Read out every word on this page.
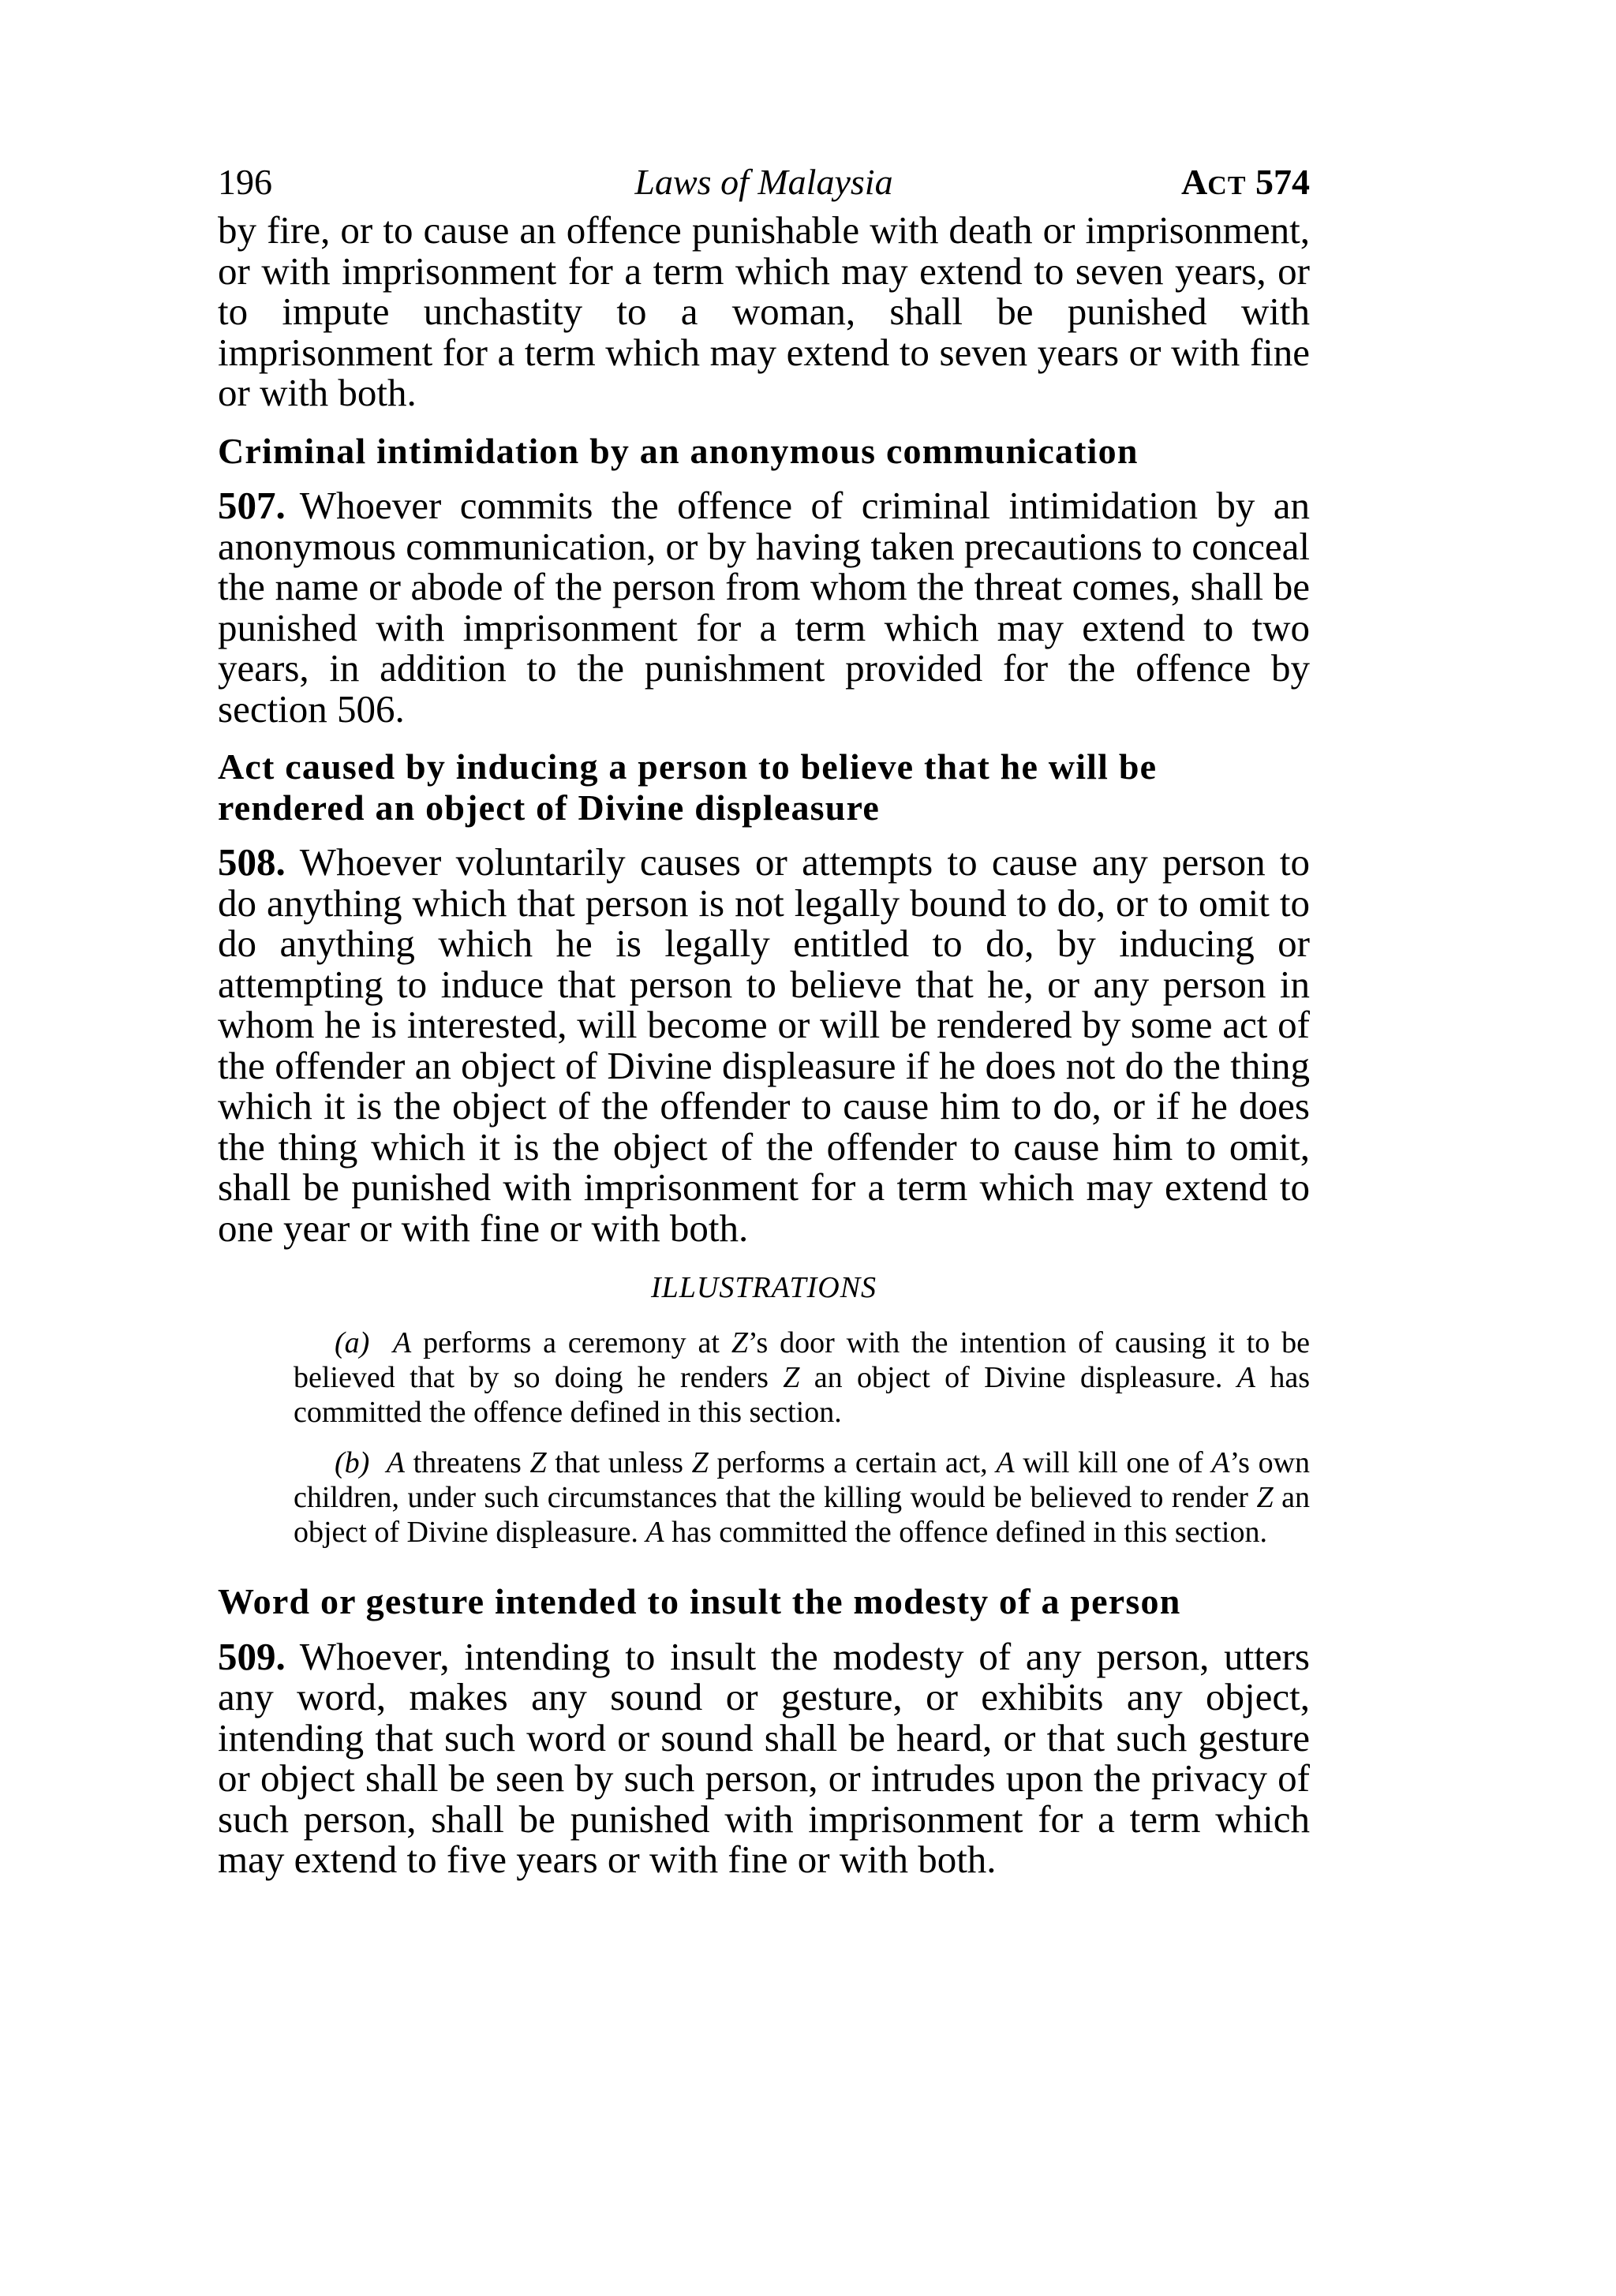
196	Laws of Malaysia	ACT 574

by fire, or to cause an offence punishable with death or imprisonment, or with imprisonment for a term which may extend to seven years, or to impute unchastity to a woman, shall be punished with imprisonment for a term which may extend to seven years or with fine or with both.

Criminal intimidation by an anonymous communication

507. Whoever commits the offence of criminal intimidation by an anonymous communication, or by having taken precautions to conceal the name or abode of the person from whom the threat comes, shall be punished with imprisonment for a term which may extend to two years, in addition to the punishment provided for the offence by section 506.

Act caused by inducing a person to believe that he will be rendered an object of Divine displeasure

508. Whoever voluntarily causes or attempts to cause any person to do anything which that person is not legally bound to do, or to omit to do anything which he is legally entitled to do, by inducing or attempting to induce that person to believe that he, or any person in whom he is interested, will become or will be rendered by some act of the offender an object of Divine displeasure if he does not do the thing which it is the object of the offender to cause him to do, or if he does the thing which it is the object of the offender to cause him to omit, shall be punished with imprisonment for a term which may extend to one year or with fine or with both.

ILLUSTRATIONS

(a) A performs a ceremony at Z’s door with the intention of causing it to be believed that by so doing he renders Z an object of Divine displeasure. A has committed the offence defined in this section.

(b) A threatens Z that unless Z performs a certain act, A will kill one of A’s own children, under such circumstances that the killing would be believed to render Z an object of Divine displeasure. A has committed the offence defined in this section.

Word or gesture intended to insult the modesty of a person

509. Whoever, intending to insult the modesty of any person, utters any word, makes any sound or gesture, or exhibits any object, intending that such word or sound shall be heard, or that such gesture or object shall be seen by such person, or intrudes upon the privacy of such person, shall be punished with imprisonment for a term which may extend to five years or with fine or with both.
